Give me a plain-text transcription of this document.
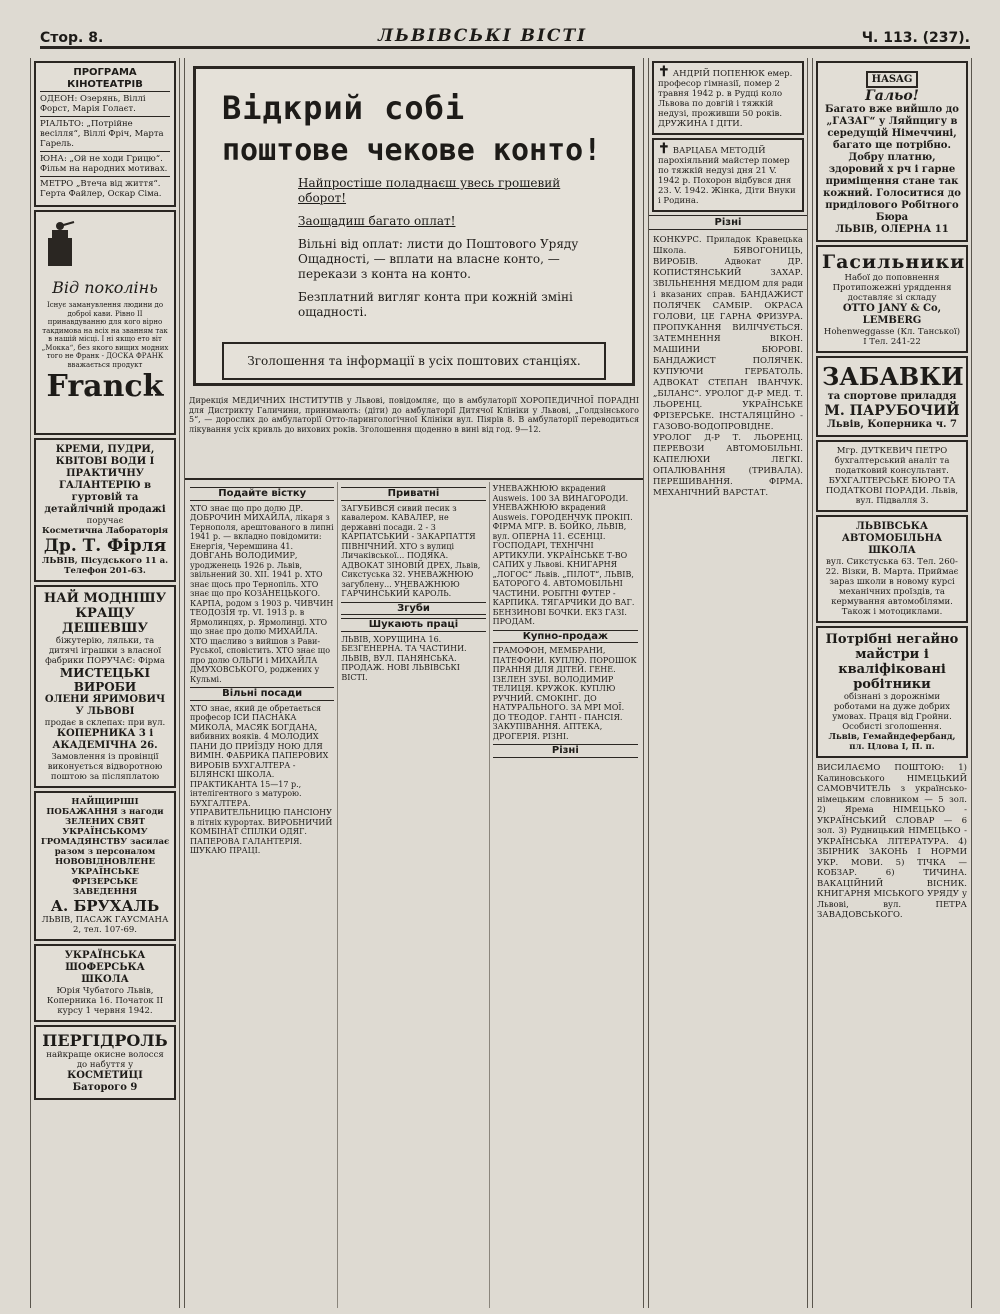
Стор. 8.	ЛЬВІВСЬКІ ВІСТІ	Ч. 113. (237).
ПРОГРАМА КІНОТЕАТРІВ
ОДЕОН: Озерянь, Віллі Форст, Марія Голаєт.
РІАЛЬТО: „Потрійне весілля“, Віллі Фріч, Марта Гарель.
ЮНА: „Ой не ходи Грицю“. Фільм на народних мотивах.
МЕТРО „Втеча від життя“. Герта Файлер, Оскар Сіма.
Від поколінь
Існує заманувлення людини до доброї кави. Рівно ІІ принавдуванню для кого вірно такдимова на всіх на званням так в нашій місці. І ні якщо ето віт „Мокка“, без якого вищих модних того не Франк - ДОСКА ФРАНК вважається продукт
Franck
КРЕМИ, ПУДРИ, КВІТОВІ ВОДИ І ПРАКТИЧНУ ГАЛАНТЕРІЮ в гуртовій та детайлічній продажі
поручає
Косметична Лабораторія
Др. Т. Фірля
ЛЬВІВ, Пісудського 11 а. Телефон 201-63.
НАЙ МОДНІШУ КРАЩУ ДЕШЕВШУ
біжутерію, ляльки, та дитячі іграшки з власної фабрики ПОРУЧАЄ: Фірма
МИСТЕЦЬКІ ВИРОБИ
ОЛЕНИ ЯРИМОВИЧ У ЛЬВОВІ
продає в склепах: при вул.
КОПЕРНИКА 3 і АКАДЕМІЧНА 26.
Замовлення із провінції виконується відворотною поштою за післяплатою
НАЙЩИРІШІ ПОБАЖАННЯ з нагоди ЗЕЛЕНИХ СВЯТ УКРАЇНСЬКОМУ ГРОМАДЯНСТВУ засилає разом з персоналом НОВОВІДНОВЛЕНЕ УКРАЇНСЬКЕ ФРІЗЕРСЬКЕ ЗАВЕДЕННЯ
А. БРУХАЛЬ
ЛЬВІВ, ПАСАЖ ГАУСМАНА 2, тел. 107-69.
УКРАЇНСЬКА ШОФЕРСЬКА ШКОЛА
Юрія Чубатого Львів, Коперника 16. Початок II курсу 1 червня 1942.
ПЕРГІДРОЛЬ
найкраще окисне волосся до набуття у
КОСМЕТИЦІ Баторого 9
Відкрий собі
поштове чекове конто!
Найпростіше поладнаєш увесь грошевий оборот!
Заощадиш багато оплат!
Вільні від оплат: листи до Поштового Уряду Ощадності, — вплати на власне конто, — перекази з конта на конто.
Безплатний вигляг конта при кожній зміні ощадності.
Зголошення та інформації в усіх поштових станціях.
Дирекція МЕДИЧНИХ ІНСТИТУТІВ у Львові, повідомляє, що в амбулаторії ХОРОПЕДИЧНОЇ ПОРАДНІ для Дистрикту Галичини, принимають: (діти) до амбулаторії Дитячої Клініки у Львові, „Голдзінського 5“, — дорослих до амбулаторії Отто-ларингологічної Клініки вул. Піярів 8. В амбулаторії переводиться лікування усіх кривль до вихових років. Зголошення щоденно в вині від год. 9—12.
Подайте вістку
ХТО знає що про долю ДР. ДОБРОЧИН МИХАЙЛА, лікаря з Тернополя, арештованого в липні 1941 р. — вкладно повідомити: Енергія, Черемшина 41. ДОВГАНЬ ВОЛОДИМИР, уродженець 1926 р. Львів, звільнений 30. XII. 1941 р. ХТО знає щось про Тернопіль. ХТО знає що про КОЗАНЕЦЬКОГО. КАРПА, родом з 1903 р. ЧИВЧИН ТЕОДОЗІЯ тр. VI. 1913 р. в Ярмолинцях, р. Ярмолинці. ХТО що знає про долю МИХАЙЛА. ХТО щасливо з вийшов з Рави-Руської, сповістить. ХТО знає що про долю ОЛЬГИ і МИХАЙЛА ДМУХОВСЬКОГО, роджених у Кульмі.
Вільні посади
ХТО знає, який де обретається професор ІСИ ПАСНАКА МИКОЛА, МАСЯК БОГДАНА, вибивних вояків. 4 МОЛОДИХ ПАНИ ДО ПРИЇЗДУ НОЮ ДЛЯ ВИМІН. ФАБРИКА ПАПЕРОВИХ ВИРОБІВ БУХГАЛТЕРА - БІЛЯНСКІ ШКОЛА. ПРАКТИКАНТА 15—17 р., інтелігентного з матурою. БУХГАЛТЕРА. УПРАВИТЕЛЬНИЦЮ ПАНСІОНУ в літніх курортах. ВИРОБНИЧИЙ КОМБІНАТ СПІЛКИ ОДЯГ. ПАПЕРОВА ГАЛАНТЕРІЯ. ШУКАЮ ПРАЦІ.
Приватні
ЗАГУБИВСЯ сивий песик з кавалером. КАВАЛЕР, не державні посади. 2 - 3 КАРПАТСЬКИЙ - ЗАКАРПАТТЯ ПІВНІЧНИЙ. ХТО з вулиці Личаківської... ПОДЯКА. АДВОКАТ ЗІНОВІЙ ДРЕХ, Львів, Сикстуська 32. УНЕВАЖНЮЮ загублену... УНЕВАЖНЮЮ ГАРЧИНСЬКИЙ КАРОЛЬ.
Згуби
Шукають праці
ЛЬВІВ, ХОРУЩИНА 16. БЕЗГЕНЕРНА. ТА ЧАСТИНИ. ЛЬВІВ, ВУЛ. ПАНЯНСЬКА. ПРОДАЖ. НОВІ ЛЬВІВСЬКІ ВІСТІ.
УНЕВАЖНЮЮ вкрадений Ausweis. 100 ЗА ВИНАГОРОДИ. УНЕВАЖНЮЮ вкрадений Ausweis. ГОРОДЕНЧУК ПРОКІП. ФІРМА МГР. В. БОЙКО, ЛЬВІВ, вул. ОПЕРНА 11. ЄСЕНЦІ. ГОСПОДАРІ, ТЕХНІЧНІ АРТИКУЛИ. УКРАЇНСЬКЕ Т-ВО САПИХ у Львові. КНИГАРНЯ „ЛОГОС“ Львів. „ПІЛОТ“, ЛЬВІВ, БАТОРОГО 4. АВТОМОБІЛЬНІ ЧАСТИНИ. РОБІТНІ ФУТЕР - КАРПИКА. ТЯГАРЧИКИ ДО ВАГ. БЕНЗИНОВІ БОЧКИ. ЕКЗ ГАЗІ. ПРОДАМ.
Купно-продаж
ГРАМОФОН, МЕМБРАНИ, ПАТЕФОНИ. КУПЛЮ. ПОРОШОК ПРАННЯ ДЛЯ ДІТЕЙ. ГЕНЕ. ІЗЕЛЕН ЗУБІ. ВОЛОДИМИР ТЕЛИЦЯ. КРУЖОК. КУПЛЮ РУЧНИЙ. СМОКІНГ. ДО НАТУРАЛЬНОГО. ЗА МРІ МОЇ. ДО ТЕОДОР. ГАНТІ - ПАНСІЯ. ЗАКУПІВАННЯ. АПТЕКА, ДРОГЕРІЯ. РІЗНІ.
Різні
✝ АНДРІЙ ПОПЕНЮК емер. професор гімназії, помер 2 травня 1942 р. в Рудці коло Львова по довгій і тяжкій недузі, проживши 50 років. ДРУЖИНА І ДІТИ.
✝ ВАРЦАБА МЕТОДІЙ парохіяльний майстер помер по тяжкій недузі дня 21 V. 1942 р. Похорон відбувся дня 23. V. 1942. Жінка, Діти Внуки і Родина.
Різні
КОНКУРС. Приладок Кравецька Школа. БЯВОГОНИЦЬ, ВИРОБІВ. Адвокат ДР. КОПИСТЯНСЬКИЙ ЗАХАР. ЗВІЛЬНЕННЯ МЕДІОМ для ради і вказаних справ. БАНДАЖИСТ ПОЛЯЧЕК САМБІР. ОКРАСА ГОЛОВИ, ЦЕ ГАРНА ФРИЗУРА. ПРОПУКАННЯ ВИЛІЧУЄТЬСЯ. ЗАТЕМНЕННЯ ВІКОН. МАШИНИ БЮРОВІ. БАНДАЖИСТ ПОЛЯЧЕК. КУПУЮЧИ ГЕРБАТОЛЬ. АДВОКАТ СТЕПАН ІВАНЧУК. „БІЛАНС“. УРОЛОГ Д-Р МЕД. Т. ЛЬОРЕНЦ. УКРАЇНСЬКЕ ФРІЗЕРСЬКЕ. ІНСТАЛЯЦІЙНО - ГАЗОВО-ВОДОПРОВІДНЕ. УРОЛОГ Д-Р Т. ЛЬОРЕНЦ. ПЕРЕВОЗИ АВТОМОБІЛЬНІ. КАПЕЛЮХИ ЛЕГКІ. ОПАЛЮВАННЯ (ТРИВАЛА). ПЕРЕШИВАННЯ. ФІРМА. МЕХАНІЧНИЙ ВАРСТАТ.
HASAG
Гальо!
Багато вже вийшло до „ГАЗАГ“ у Ляйпцигу в середущій Німеччині, багато ще потрібно. Добру платню, здоровий х рч і гарне приміщення стане так кожний. Голоситися до приділового Робітного Бюра
ЛЬВІВ, ОЛЕРНА 11
Гасильники
Набої до поповнення Протипожежні уряддення доставляє зі складу
OTTO JANY & Co, LEMBERG
Hohenweggasse (Кл. Танської) І Тел. 241-22
ЗАБАВКИ
та спортове приладдя
М. ПАРУБОЧИЙ
Львів, Коперника ч. 7
Мгр. ДУТКЕВИЧ ПЕТРО бухгалтерський аналіт та податковий консультант. БУХГАЛТЕРСЬКЕ БЮРО ТА ПОДАТКОВІ ПОРАДИ. Львів, вул. Підвалля 3.
ЛЬВІВСЬКА АВТОМОБІЛЬНА ШКОЛА
вул. Сикстуська 63. Тел. 260-22. Візки, В. Марта. Приймає зараз школи в новому курсі механічних проїздів, та кермування автомобілями. Також і мотоциклами.
Потрібні негайно майстри і кваліфіковані робітники
обізнані з дорожніми роботами на дуже добрих умовах. Праця від Гройни. Особисті зголошення.
Львів, Гемайндефербанд, пл. Цлова І, П. п.
ВИСИЛАЄМО ПОШТОЮ: 1) Калиновського НІМЕЦЬКИЙ САМОВЧИТЕЛЬ з українсько-німецьким словником — 5 зол. 2) Ярема НІМЕЦЬКО - УКРАЇНСЬКИЙ СЛОВАР — 6 зол. 3) Рудницький НІМЕЦЬКО - УКРАЇНСЬКА ЛІТЕРАТУРА. 4) ЗБІРНИК ЗАКОНЬ І НОРМИ УКР. МОВИ. 5) ТІЧКА — КОБЗАР. 6) ТИЧИНА. ВАКАЦІЙНИЙ ВІСНИК. КНИГАРНЯ МІСЬКОГО УРЯДУ у Львові, вул. ПЕТРА ЗАВАДОВСЬКОГО.
